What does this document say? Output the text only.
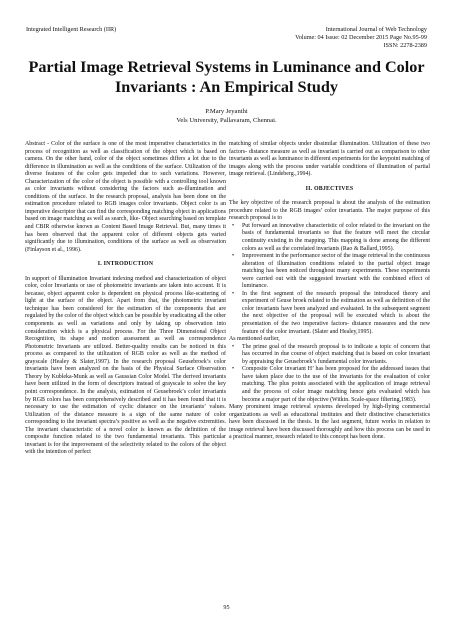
Integrated Intelligent Research (IIR)	International Journal of Web Technology
Volume: 04 Issue: 02 December 2015 Page No.95-99
ISSN: 2278-2389
Partial Image Retrieval Systems in Luminance and Color Invariants : An Empirical Study
P.Mary Jeyanthi
Vels University, Pallavaram, Chennai.

Abstract - Color of the surface is one of the most imperative characteristics in the process of recognition as well as classification of the object which is based on camera. On the other hand, color of the object sometimes differs a lot due to the difference in illumination as well as the conditions of the surface. Utilization of the diverse features of the color gets impeded due to such variations. However, Characterization of the color of the object is possible with a controlling tool known as color invariants without considering the factors such as-illumination and conditions of the surface. In the research proposal, analysis has been done on the estimation procedure related to RGB images color invariants. Object color is an imperative descriptor that can find the corresponding matching object in applications based on image matching as well as search, like- Object searching based on template and CBIR otherwise known as Content Based Image Retrieval. But, many times it has been observed that the apparent color of different objects gets varied significantly due to illumination, conditions of the surface as well as observation (Finlayson et al., 1996).

I. INTRODUCTION

In support of Illumination Invariant indexing method and characterization of object color, color Invariants or use of photometric invariants are taken into account. It is because, object apparent color is dependent on physical process like-scattering of light at the surface of the object. Apart from that, the photometric invariant technique has been considered for the estimation of the components that are regulated by the color of the object which can be possible by eradicating all the other components as well as variations and only by taking up observation into consideration which is a physical process. For the Three Dimensional Object Recognition, its shape and motion assessment as well as correspondence Photometric Invariants are utilized. Better-quality results can be noticed in this process as compared to the utilization of RGB color as well as the method of grayscale (Healey & Slater,1997). In the research proposal Geusebroek’s color invariants have been analyzed on the basis of the Physical Surface Observation Theory by Kubleka-Munk as well as Gaussian Color Model. The derived invariants have been utilized in the form of descriptors instead of grayscale to solve the key point correspondence. In the analysis, estimation of Geusebroek’s color invariants by RGB colors has been comprehensively described and it has been found that it is necessary to use the estimation of cyclic distance on the invariants’ values. Utilization of the distance measure is a sign of the same nature of color corresponding to the invariant spectra’s positive as well as the negative extremities. The invariant characteristic of a novel color is known as the definition of the composite function related to the two fundamental invariants. This particular invariant is for the improvement of the selectivity related to the colors of the object with the intention of perfect

matching of similar objects under dissimilar illumination. Utilization of these two factors- distance measure as well as invariant is carried out as comparison to other invariants as well as luminance in different experiments for the keypoint matching of images along with the process under variable conditions of illumination of partial image retrieval. (Lindeberg.,1994).

II. OBJECTIVES

The key objective of the research proposal is about the analysis of the estimation procedure related to the RGB images’ color invariants. The major purpose of this research proposal is to

• Put forward an innovative characteristic of color related to the invariant on the basis of fundamental invariants so that the feature will meet the circular continuity existing in the mapping. This mapping is done among the different colors as well as the correlated invariants (Rao & Ballard,1995).
• Improvement in the performance sector of the image retrieval in the continuous alteration of illumination conditions related to the partial object image matching has been noticed throughout many experiments. These experiments were carried out with the suggested invariant with the combined effect of luminance.
• In the first segment of the research proposal the introduced theory and experiment of Geuse broek related to the estimation as well as definition of the color invariants have been analyzed and evaluated. In the subsequent segment the next objective of the proposal will be executed which is about the presentation of the two imperative factors- distance measures and the new feature of the color invariant. (Slater and Healey,1995).

As mentioned earlier,

• The prime goal of the research proposal is to indicate a topic of concern that has occurred in due course of object matching that is based on color invariant by appraising the Geusebroek’s fundamental color invariants.
• Composite Color invariant H’ has been proposed for the addressed issues that have taken place due to the use of the invariants for the evaluation of color matching. The plus points associated with the application of image retrieval and the process of color image matching hence gets evaluated which has become a major part of the objective (Witkin. Scale-space filtering,1983).

Many prominent image retrieval systems developed by high-flying commercial organizations as well as educational institutes and their distinctive characteristics have been discussed in the thesis. In the last segment, future works in relation to image retrieval have been discussed thoroughly and how this process can be used in a practical manner, research related to this concept has been done.

95
